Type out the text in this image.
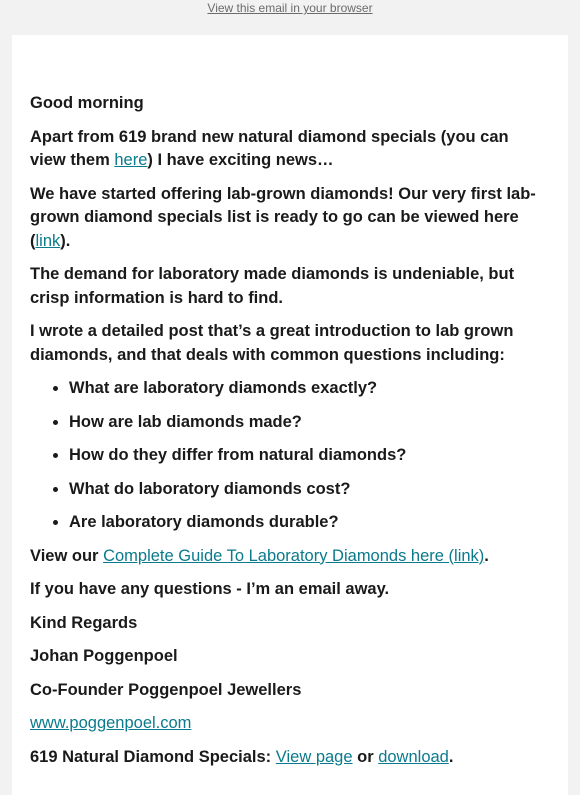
View this email in your browser

Good morning

Apart from 619 brand new natural diamond specials (you can view them here) I have exciting news…

We have started offering lab-grown diamonds! Our very first lab-grown diamond specials list is ready to go can be viewed here (link).

The demand for laboratory made diamonds is undeniable, but crisp information is hard to find.

I wrote a detailed post that’s a great introduction to lab grown diamonds, and that deals with common questions including:

• What are laboratory diamonds exactly?
• How are lab diamonds made?
• How do they differ from natural diamonds?
• What do laboratory diamonds cost?
• Are laboratory diamonds durable?

View our Complete Guide To Laboratory Diamonds here (link).

If you have any questions - I’m an email away.

Kind Regards

Johan Poggenpoel

Co-Founder Poggenpoel Jewellers

www.poggenpoel.com

619 Natural Diamond Specials: View page or download.
